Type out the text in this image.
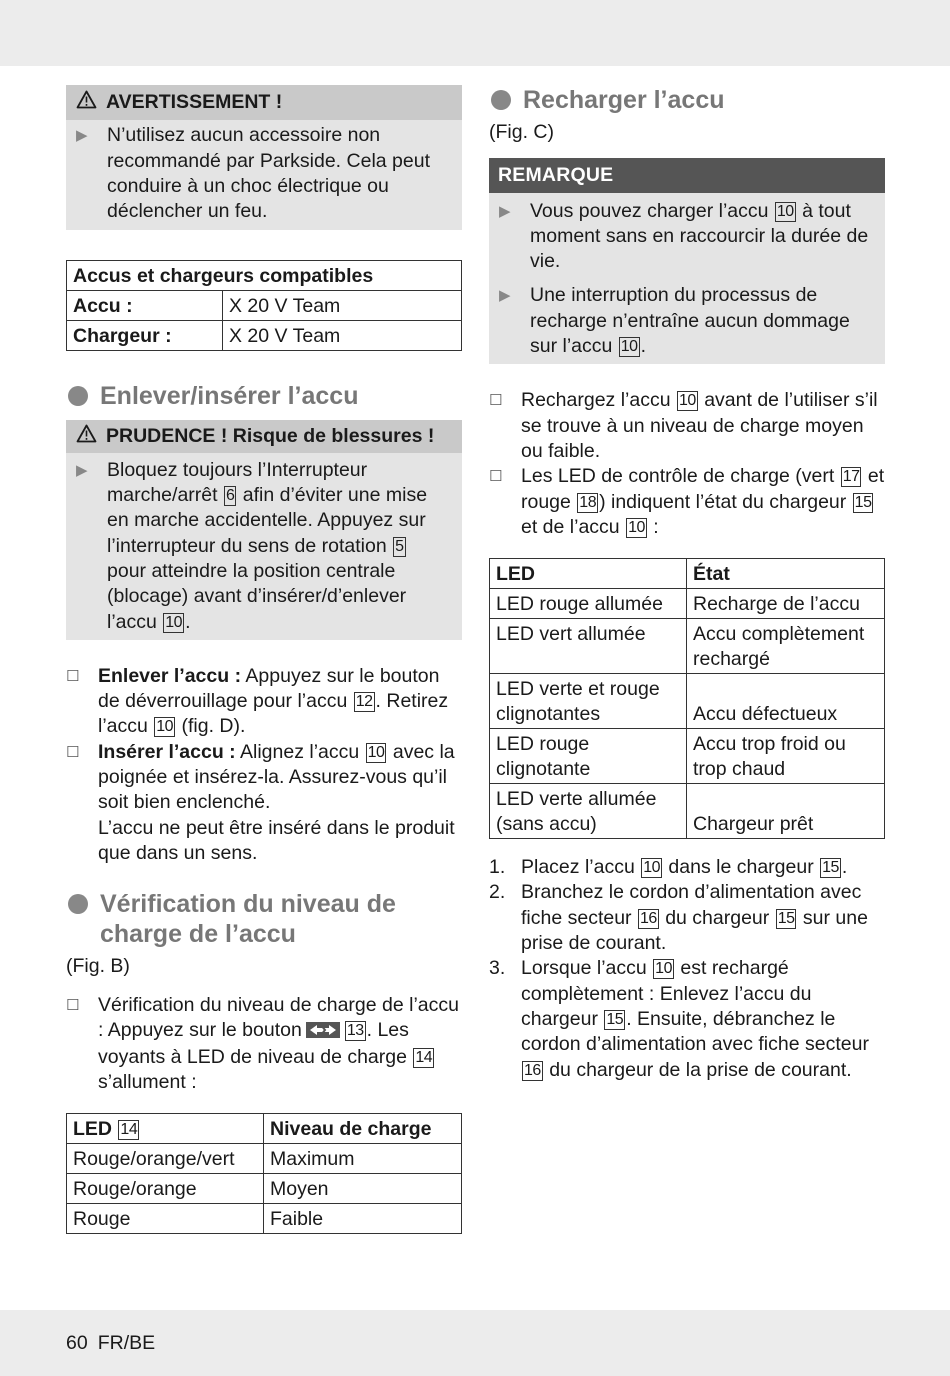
AVERTISSEMENT !
▶ N’utilisez aucun accessoire non recommandé par Parkside. Cela peut conduire à un choc électrique ou déclencher un feu.
Accus et chargeurs compatibles	
Accu :	X 20 V Team
Chargeur :	X 20 V Team
Enlever/insérer l’accu
PRUDENCE ! Risque de blessures !
▶ Bloquez toujours l’Interrupteur marche/arrêt 6 afin d’éviter une mise en marche accidentelle. Appuyez sur l’interrupteur du sens de rotation 5 pour atteindre la position centrale (blocage) avant d’insérer/d’enlever l’accu 10 .
☐ Enlever l’accu : Appuyez sur le bouton de déverrouillage pour l’accu 12 . Retirez l’accu 10 (fig. D).
☐ Insérer l’accu : Alignez l’accu 10 avec la poignée et insérez-la. Assurez-vous qu’il soit bien enclenché.
L’accu ne peut être inséré dans le produit que dans un sens.
Vérification du niveau de charge de l’accu
(Fig. B)
☐ Vérification du niveau de charge de l’accu : Appuyez sur le bouton	13 . Les voyants à LED de niveau de charge 14 s’allument :
LED 14	Niveau de charge
Rouge/orange/vert	Maximum
Rouge/orange	Moyen
Rouge	Faible
Recharger l’accu
(Fig. C)
REMARQUE
▶ Vous pouvez charger l’accu 10 à tout moment sans en raccourcir la durée de vie.
▶ Une interruption du processus de recharge n’entraîne aucun dommage sur l’accu 10 .
☐ Rechargez l’accu 10 avant de l’utiliser s’il se trouve à un niveau de charge moyen ou faible.
☐ Les LED de contrôle de charge (vert 17 et rouge 18 ) indiquent l’état du chargeur 15 et de l’accu 10 :
LED	État
LED rouge allumée	Recharge de l’accu
LED vert allumée	Accu complètement rechargé
LED verte et rouge clignotantes	Accu défectueux
LED rouge clignotante	Accu trop froid ou trop chaud
LED verte allumée (sans accu)	Chargeur prêt
1. Placez l’accu 10 dans le chargeur 15 .
2. Branchez le cordon d’alimentation avec fiche secteur 16 du chargeur 15 sur une prise de courant.
3. Lorsque l’accu 10 est rechargé complètement : Enlevez l’accu du chargeur 15 . Ensuite, débranchez le cordon d’alimentation avec fiche secteur 16 du chargeur de la prise de courant.
60 FR/BE
